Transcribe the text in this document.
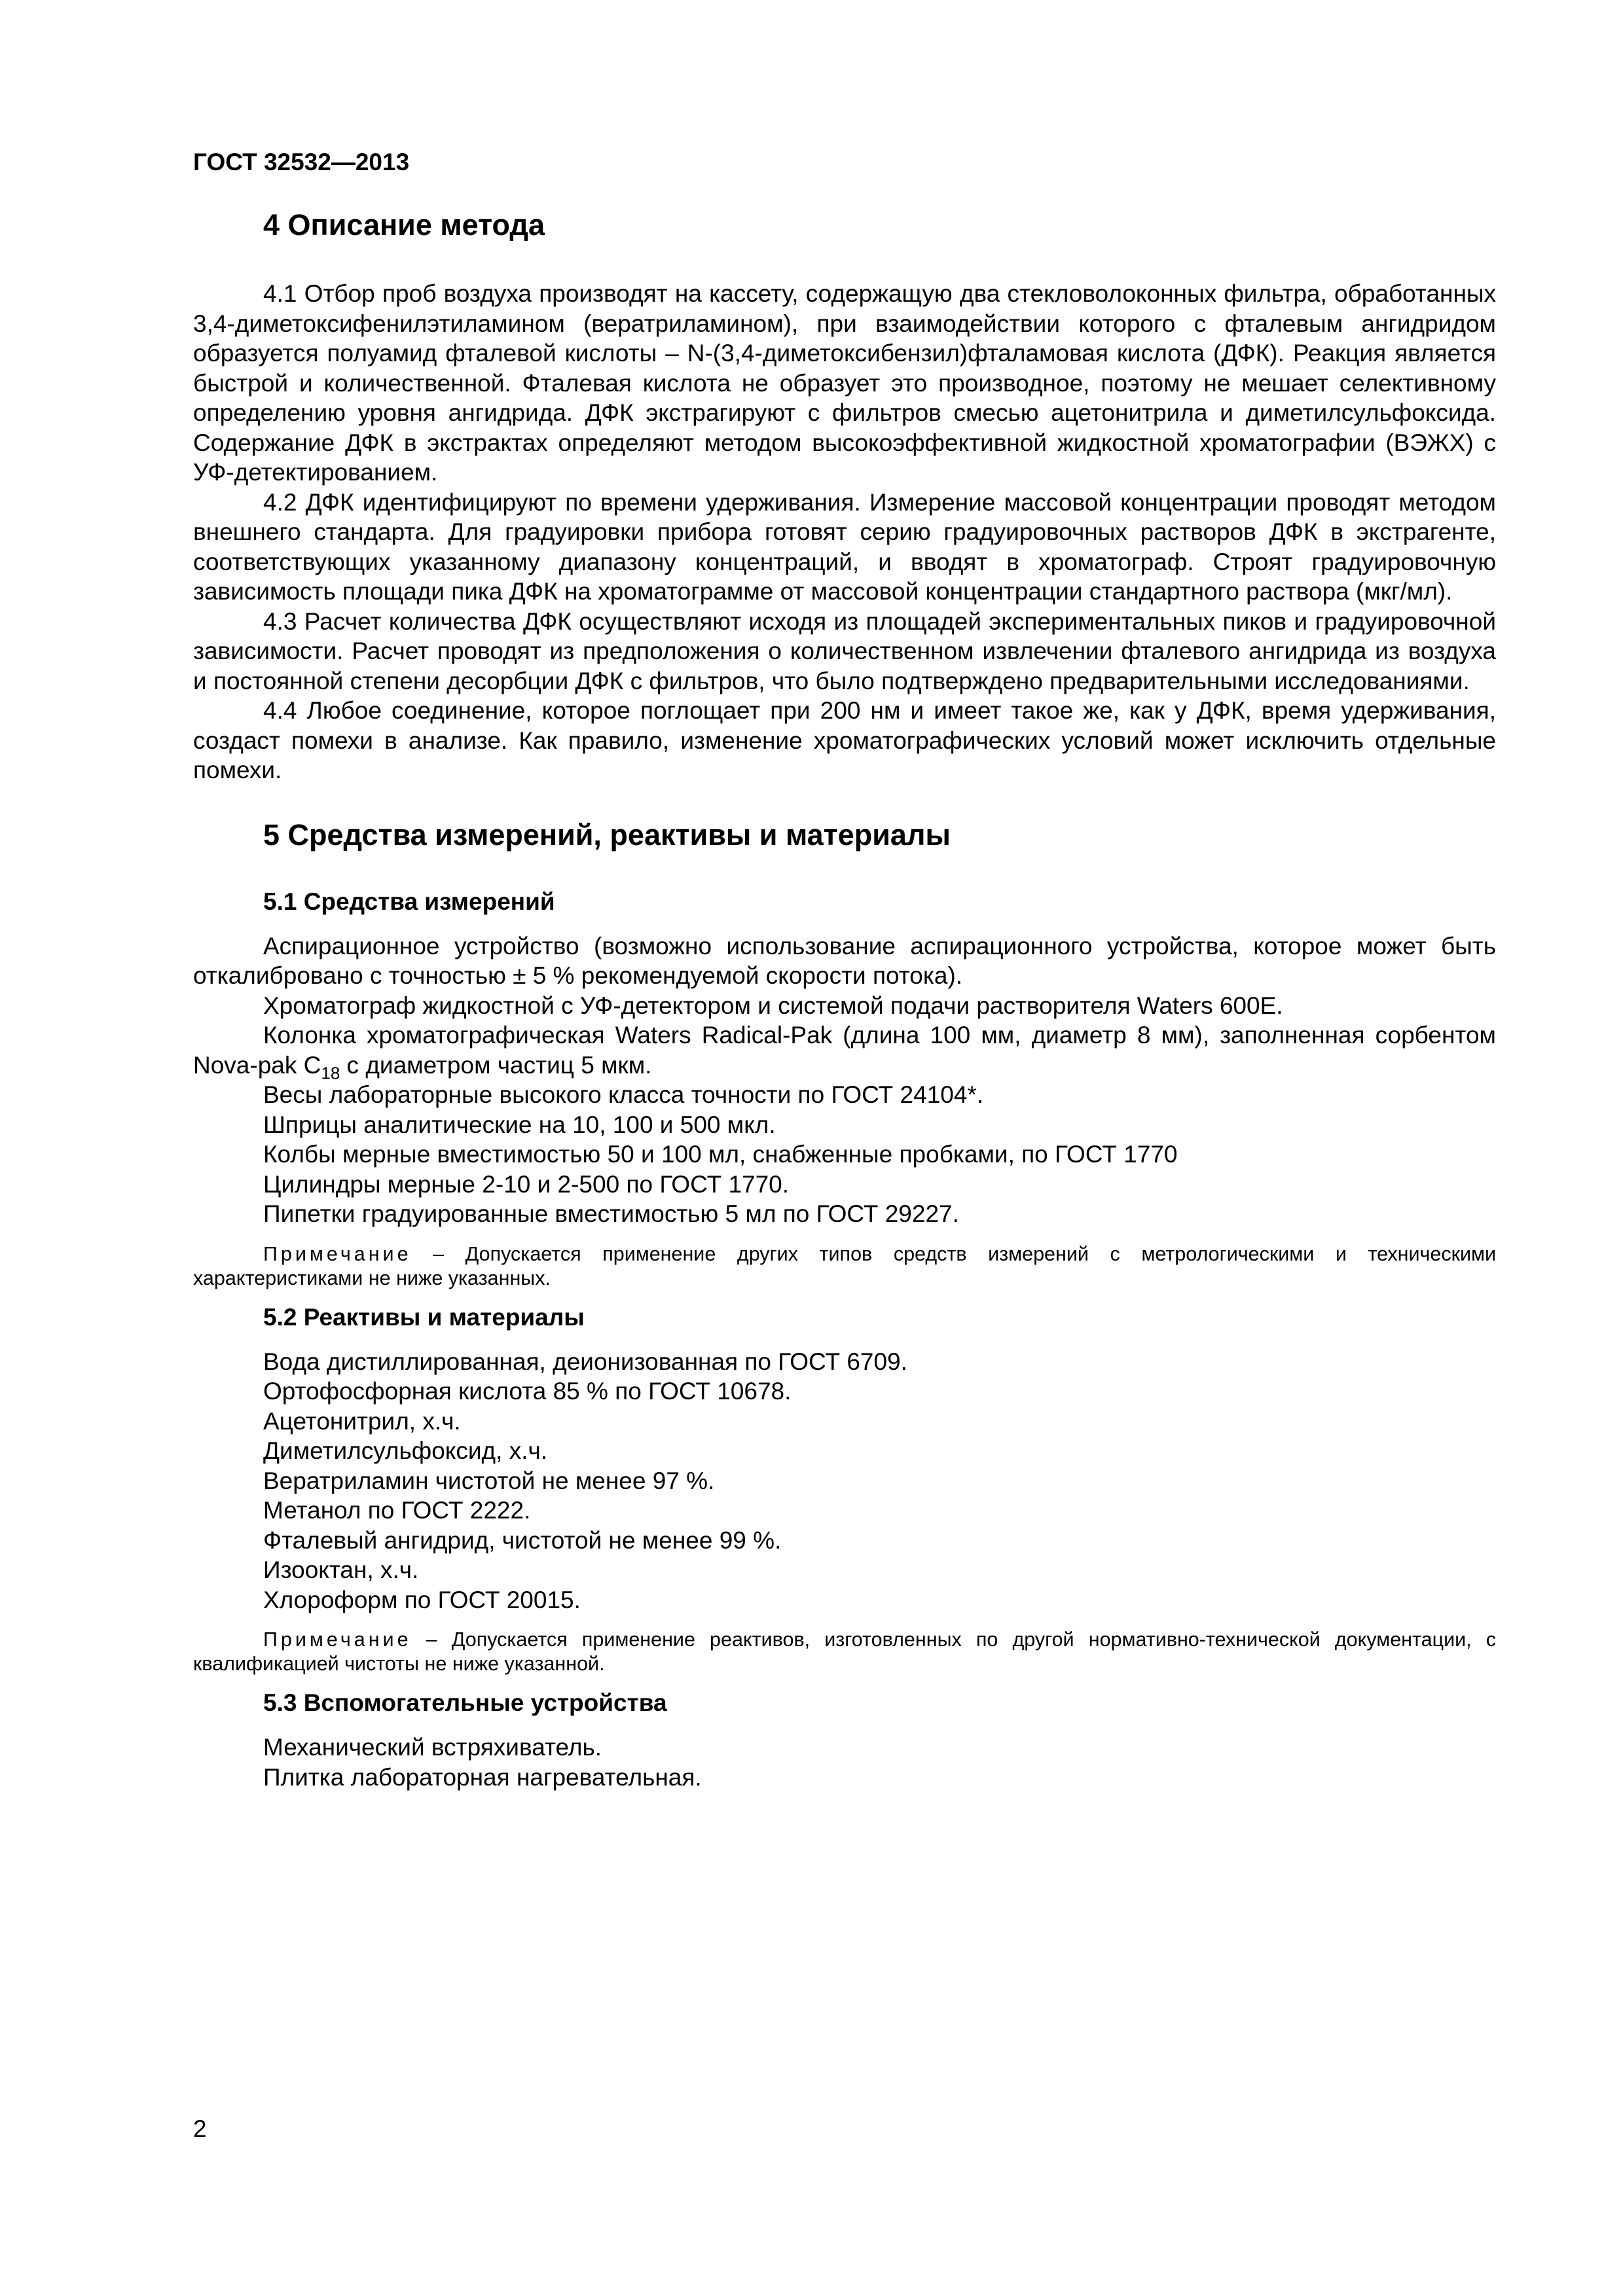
ГОСТ 32532—2013
4 Описание метода

4.1 Отбор проб воздуха производят на кассету, содержащую два стекловолоконных фильтра, обработанных 3,4-диметоксифенилэтиламином (вератриламином), при взаимодействии которого с фталевым ангидридом образуется полуамид фталевой кислоты – N-(3,4-диметоксибензил)фталамовая кислота (ДФК). Реакция является быстрой и количественной. Фталевая кислота не образует это производное, поэтому не мешает селективному определению уровня ангидрида. ДФК экстрагируют с фильтров смесью ацетонитрила и диметилсульфоксида. Содержание ДФК в экстрактах определяют методом высокоэффективной жидкостной хроматографии (ВЭЖХ) с УФ-детектированием.

4.2 ДФК идентифицируют по времени удерживания. Измерение массовой концентрации проводят методом внешнего стандарта. Для градуировки прибора готовят серию градуировочных растворов ДФК в экстрагенте, соответствующих указанному диапазону концентраций, и вводят в хроматограф. Строят градуировочную зависимость площади пика ДФК на хроматограмме от массовой концентрации стандартного раствора (мкг/мл).

4.3 Расчет количества ДФК осуществляют исходя из площадей экспериментальных пиков и градуировочной зависимости. Расчет проводят из предположения о количественном извлечении фталевого ангидрида из воздуха и постоянной степени десорбции ДФК с фильтров, что было подтверждено предварительными исследованиями.

4.4 Любое соединение, которое поглощает при 200 нм и имеет такое же, как у ДФК, время удерживания, создаст помехи в анализе. Как правило, изменение хроматографических условий может исключить отдельные помехи.

5 Средства измерений, реактивы и материалы
5.1 Средства измерений

Аспирационное устройство (возможно использование аспирационного устройства, которое может быть откалибровано с точностью ± 5 % рекомендуемой скорости потока).

Хроматограф жидкостной с УФ-детектором и системой подачи растворителя Waters 600E.

Колонка хроматографическая Waters Radical-Pak (длина 100 мм, диаметр 8 мм), заполненная сорбентом Nova-pak $C_{18}$ с диаметром частиц 5 мкм.

Весы лабораторные высокого класса точности по ГОСТ 24104*.
Шприцы аналитические на 10, 100 и 500 мкл.
Колбы мерные вместимостью 50 и 100 мл, снабженные пробками, по ГОСТ 1770
Цилиндры мерные 2-10 и 2-500 по ГОСТ 1770.
Пипетки градуированные вместимостью 5 мл по ГОСТ 29227.

Примечание – Допускается применение других типов средств измерений с метрологическими и техническими характеристиками не ниже указанных.

5.2 Реактивы и материалы
Вода дистиллированная, деионизованная по ГОСТ 6709.
Ортофосфорная кислота 85 % по ГОСТ 10678.
Ацетонитрил, х.ч.
Диметилсульфоксид, х.ч.
Вератриламин чистотой не менее 97 %.
Метанол по ГОСТ 2222.
Фталевый ангидрид, чистотой не менее 99 %.
Изооктан, х.ч.
Хлороформ по ГОСТ 20015.

Примечание – Допускается применение реактивов, изготовленных по другой нормативно-технической документации, с квалификацией чистоты не ниже указанной.

5.3 Вспомогательные устройства
Механический встряхиватель.
Плитка лабораторная нагревательная.
2
